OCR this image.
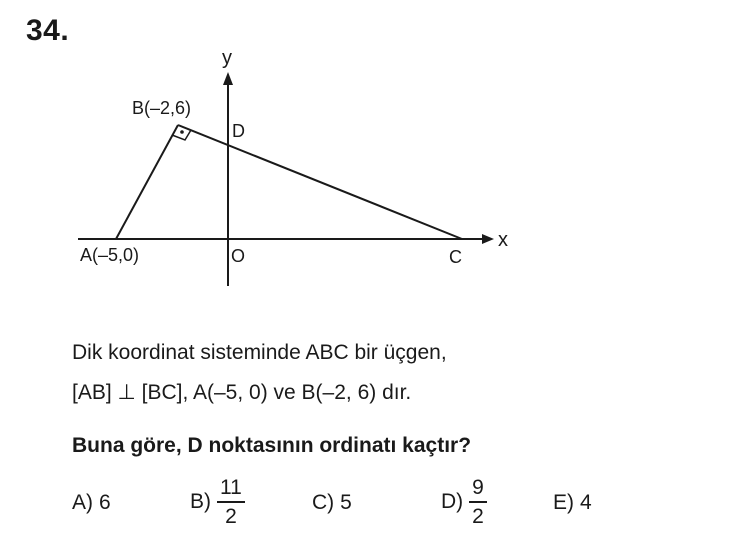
34.
y
x
B(–2,6)
D
A(–5,0)	O	C
Dik koordinat sisteminde ABC bir üçgen,
[AB] ⊥ [BC], A(–5, 0) ve B(–2, 6) dır.
Buna göre, D noktasının ordinatı kaçtır?
A) 6	$B) \frac{11}{2}$	C) 5	$D) \frac{9}{2}$	E) 4
